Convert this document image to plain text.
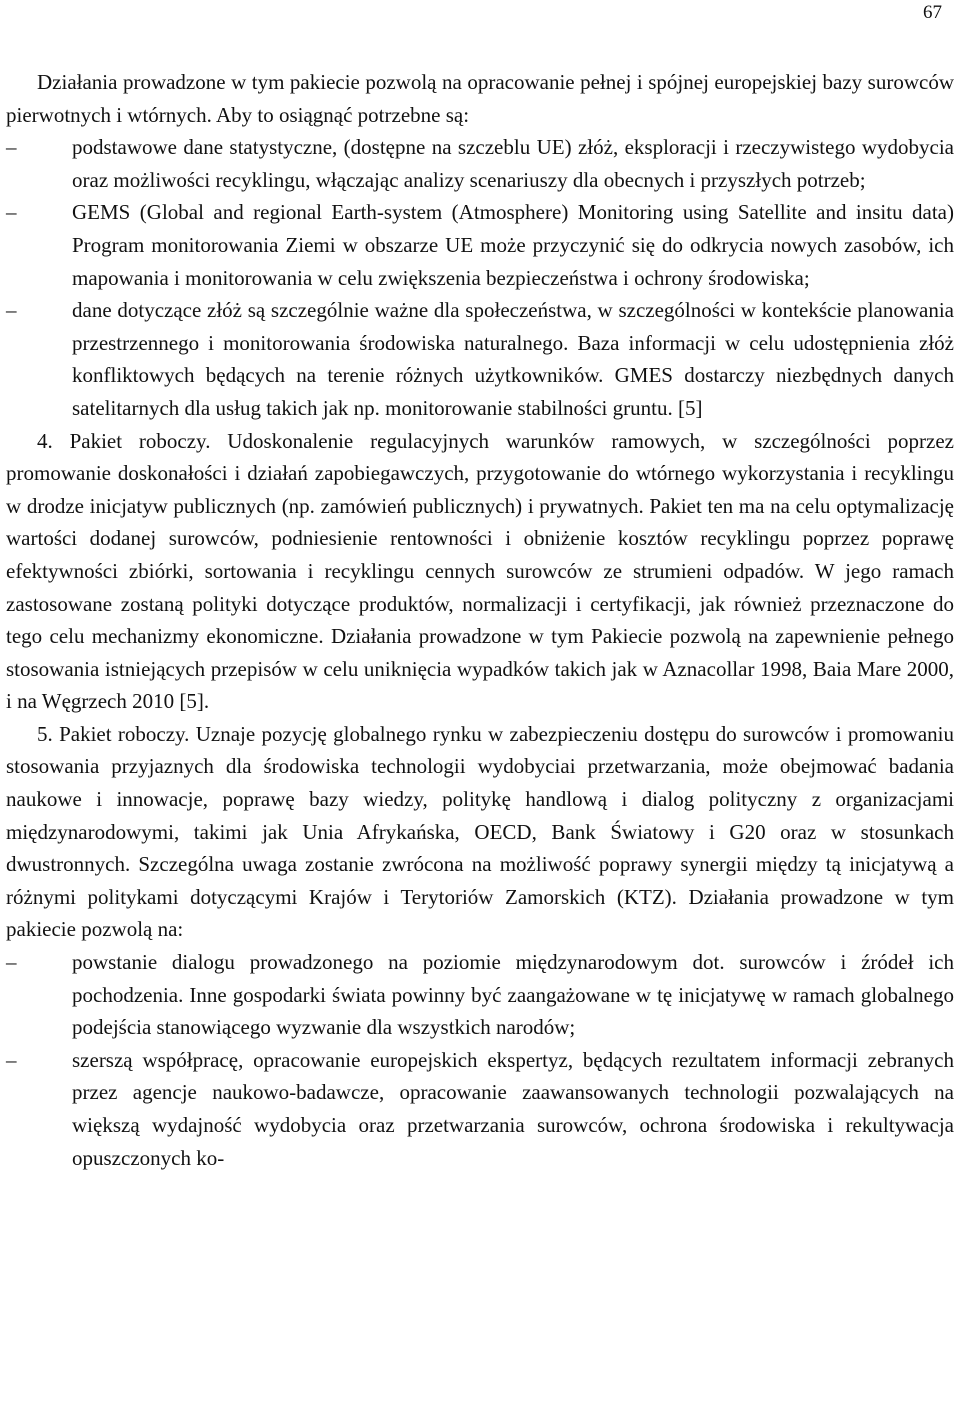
67

Działania prowadzone w tym pakiecie pozwolą na opracowanie pełnej i spójnej europejskiej bazy surowców pierwotnych i wtórnych. Aby to osiągnąć potrzebne są:

–	podstawowe dane statystyczne, (dostępne na szczeblu UE) złóż, eksploracji i rzeczywistego wydobycia oraz możliwości recyklingu, włączając analizy scenariuszy dla obecnych i przyszłych potrzeb;

–	GEMS (Global and regional Earth-system (Atmosphere) Monitoring using Satellite and insitu data) Program monitorowania Ziemi w obszarze UE może przyczynić się do odkrycia nowych zasobów, ich mapowania i monitorowania w celu zwiększenia bezpieczeństwa i ochrony środowiska;

–	dane dotyczące złóż są szczególnie ważne dla społeczeństwa, w szczególności w kontekście planowania przestrzennego i monitorowania środowiska naturalnego. Baza informacji w celu udostępnienia złóż konfliktowych będących na terenie różnych użytkowników. GMES dostarczy niezbędnych danych satelitarnych dla usług takich jak np. monitorowanie stabilności gruntu. [5]

4. Pakiet roboczy. Udoskonalenie regulacyjnych warunków ramowych, w szczególności poprzez promowanie doskonałości i działań zapobiegawczych, przygotowanie do wtórnego wykorzystania i recyklingu w drodze inicjatyw publicznych (np. zamówień publicznych) i prywatnych. Pakiet ten ma na celu optymalizację wartości dodanej surowców, podniesienie rentowności i obniżenie kosztów recyklingu poprzez poprawę efektywności zbiórki, sortowania i recyklingu cennych surowców ze strumieni odpadów. W jego ramach zastosowane zostaną polityki dotyczące produktów, normalizacji i certyfikacji, jak również przeznaczone do tego celu mechanizmy ekonomiczne. Działania prowadzone w tym Pakiecie pozwolą na zapewnienie pełnego stosowania istniejących przepisów w celu uniknięcia wypadków takich jak w Aznacollar 1998, Baia Mare 2000, i na Węgrzech 2010 [5].

5. Pakiet roboczy. Uznaje pozycję globalnego rynku w zabezpieczeniu dostępu do surowców i promowaniu stosowania przyjaznych dla środowiska technologii wydobyciai przetwarzania, może obejmować badania naukowe i innowacje, poprawę bazy wiedzy, politykę handlową i dialog polityczny z organizacjami międzynarodowymi, takimi jak Unia Afrykańska, OECD, Bank Światowy i G20 oraz w stosunkach dwustronnych. Szczególna uwaga zostanie zwrócona na możliwość poprawy synergii między tą inicjatywą a różnymi politykami dotyczącymi Krajów i Terytoriów Zamorskich (KTZ). Działania prowadzone w tym pakiecie pozwolą na:

–	powstanie dialogu prowadzonego na poziomie międzynarodowym dot. surowców i źródeł ich pochodzenia. Inne gospodarki świata powinny być zaangażowane w tę inicjatywę w ramach globalnego podejścia stanowiącego wyzwanie dla wszystkich narodów;

–	szerszą współpracę, opracowanie europejskich ekspertyz, będących rezultatem informacji zebranych przez agencje naukowo-badawcze, opracowanie zaawansowanych technologii pozwalających na większą wydajność wydobycia oraz przetwarzania surowców, ochrona środowiska i rekultywacja opuszczonych ko-
